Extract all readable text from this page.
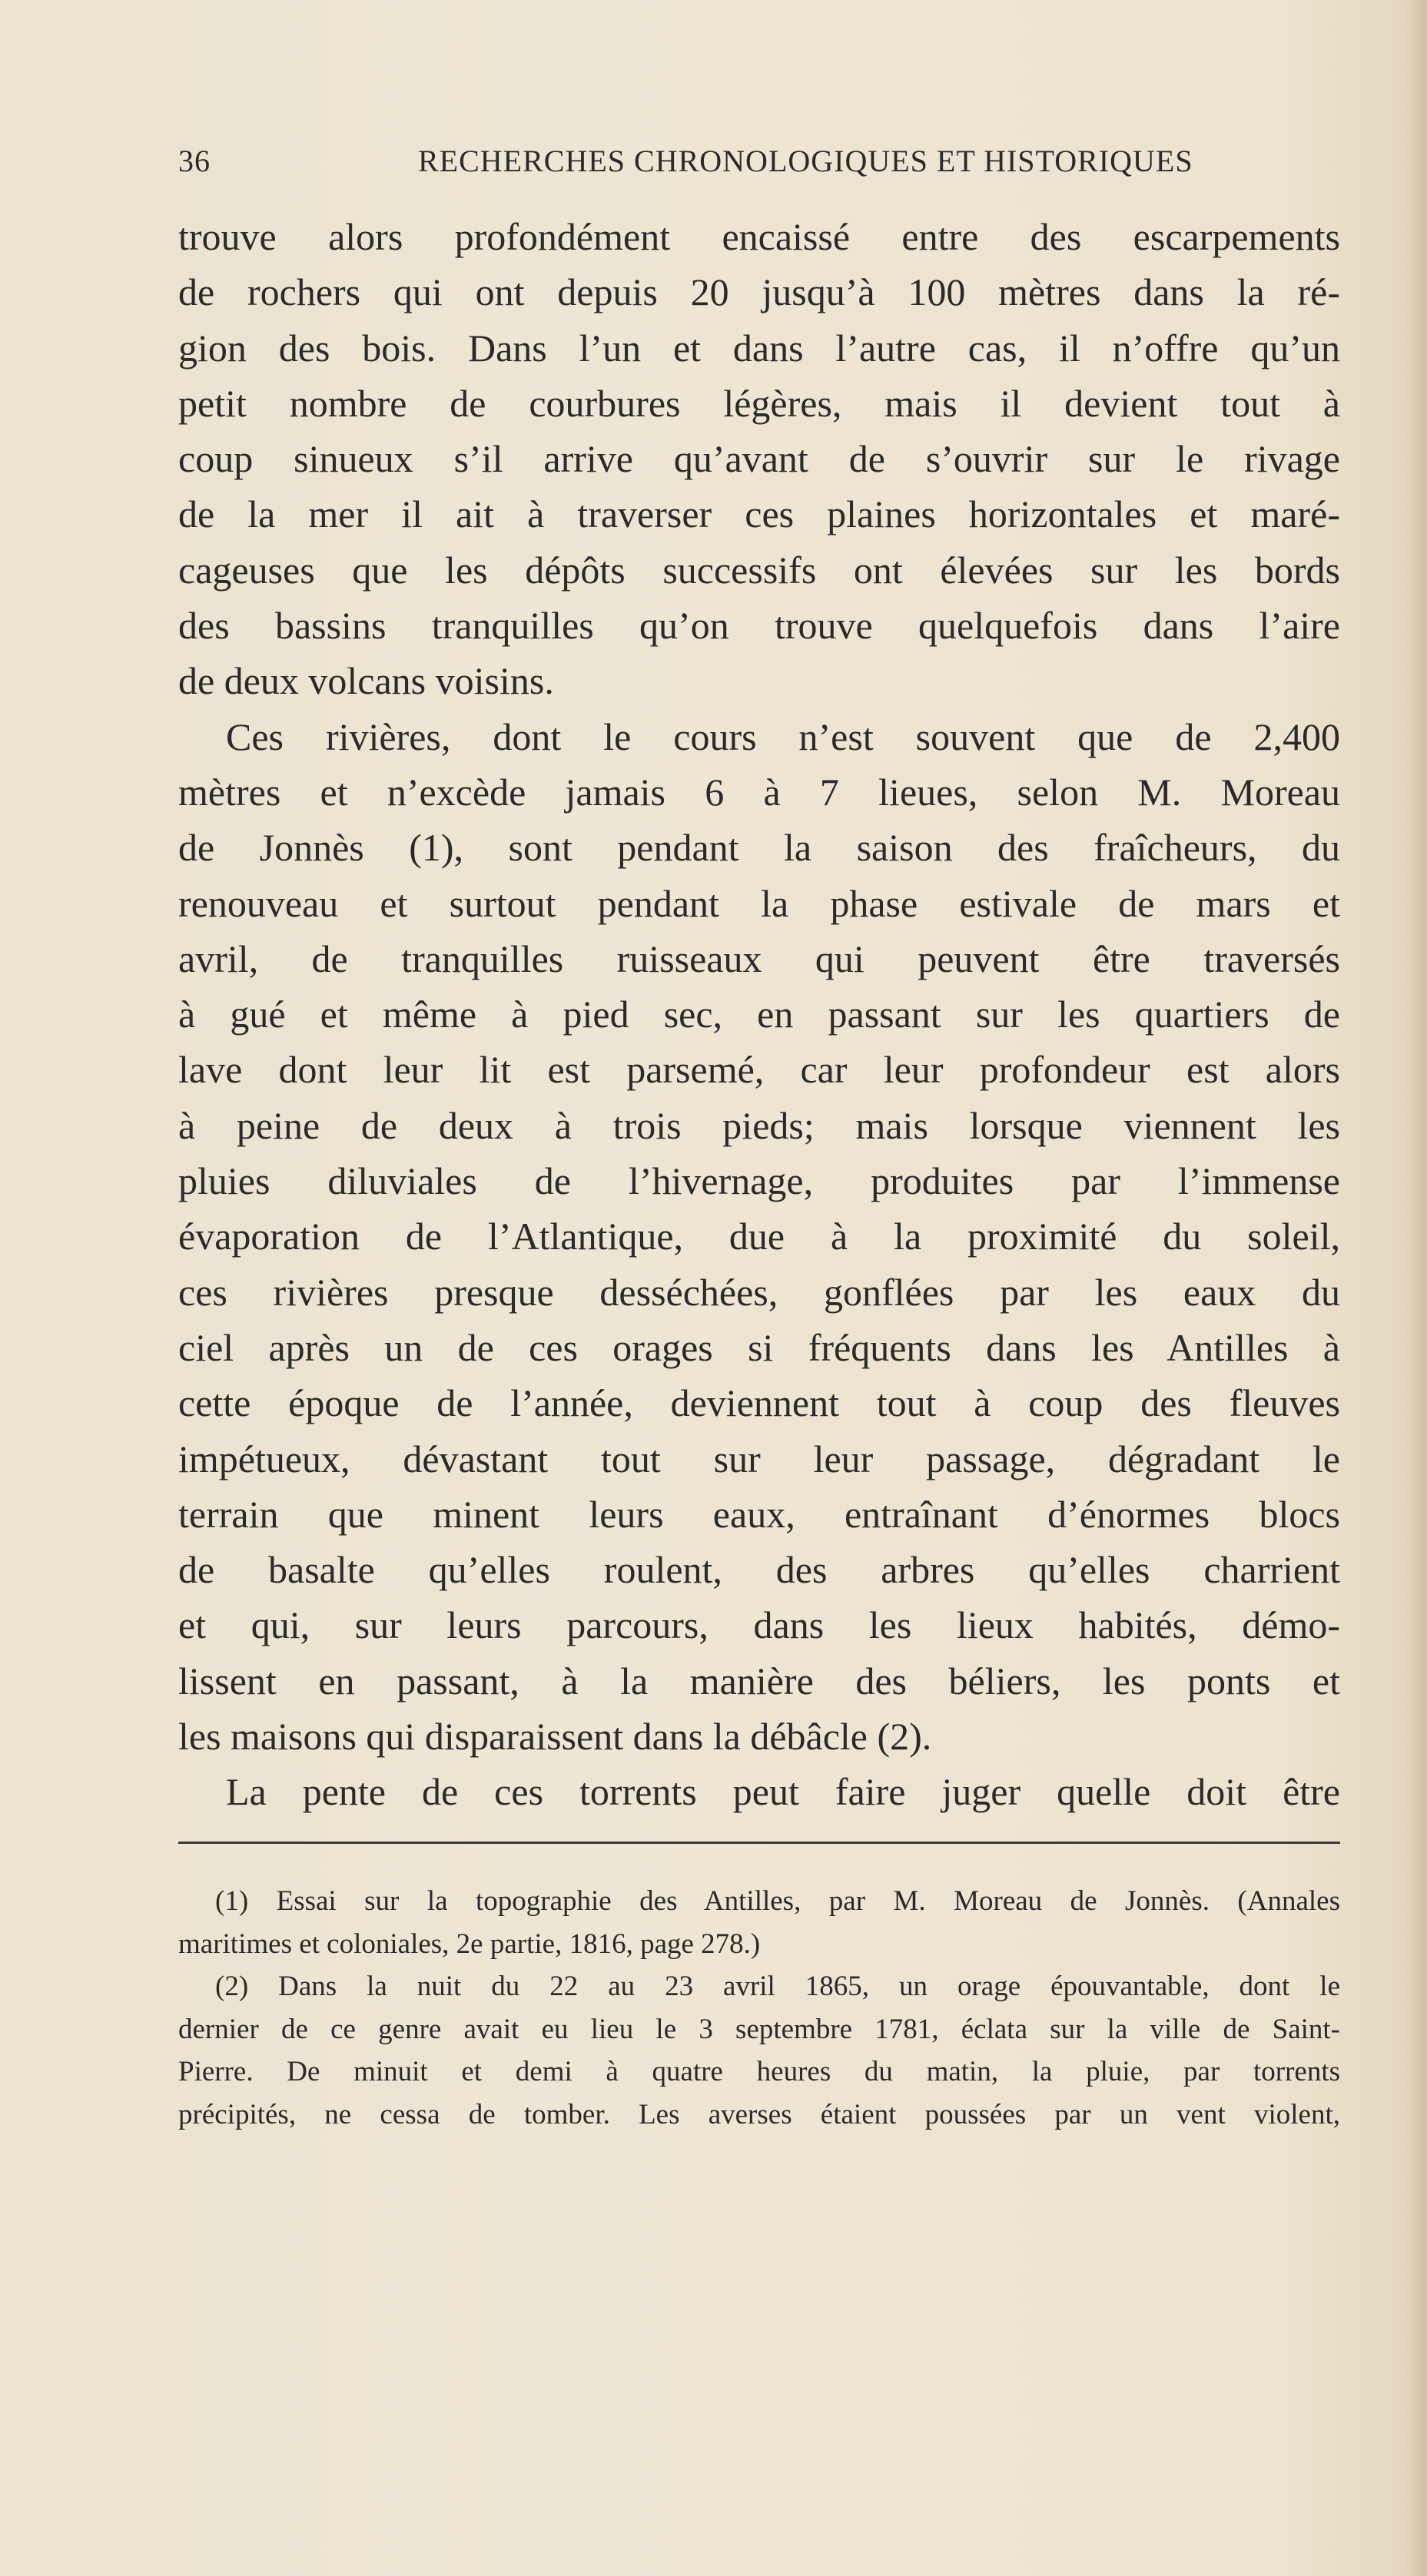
36	RECHERCHES CHRONOLOGIQUES ET HISTORIQUES
trouve alors profondément encaissé entre des escarpements
de rochers qui ont depuis 20 jusqu’à 100 mètres dans la ré-
gion des bois. Dans l’un et dans l’autre cas, il n’offre qu’un
petit nombre de courbures légères, mais il devient tout à
coup sinueux s’il arrive qu’avant de s’ouvrir sur le rivage
de la mer il ait à traverser ces plaines horizontales et maré-
cageuses que les dépôts successifs ont élevées sur les bords
des bassins tranquilles qu’on trouve quelquefois dans l’aire
de deux volcans voisins.
Ces rivières, dont le cours n’est souvent que de 2,400
mètres et n’excède jamais 6 à 7 lieues, selon M. Moreau
de Jonnès (1), sont pendant la saison des fraîcheurs, du
renouveau et surtout pendant la phase estivale de mars et
avril, de tranquilles ruisseaux qui peuvent être traversés
à gué et même à pied sec, en passant sur les quartiers de
lave dont leur lit est parsemé, car leur profondeur est alors
à peine de deux à trois pieds; mais lorsque viennent les
pluies diluviales de l’hivernage, produites par l’immense
évaporation de l’Atlantique, due à la proximité du soleil,
ces rivières presque desséchées, gonflées par les eaux du
ciel après un de ces orages si fréquents dans les Antilles à
cette époque de l’année, deviennent tout à coup des fleuves
impétueux, dévastant tout sur leur passage, dégradant le
terrain que minent leurs eaux, entraînant d’énormes blocs
de basalte qu’elles roulent, des arbres qu’elles charrient
et qui, sur leurs parcours, dans les lieux habités, démo-
lissent en passant, à la manière des béliers, les ponts et
les maisons qui disparaissent dans la débâcle (2).
La pente de ces torrents peut faire juger quelle doit être
(1) Essai sur la topographie des Antilles, par M. Moreau de Jonnès. (Annales
maritimes et coloniales, 2e partie, 1816, page 278.)
(2) Dans la nuit du 22 au 23 avril 1865, un orage épouvantable, dont le
dernier de ce genre avait eu lieu le 3 septembre 1781, éclata sur la ville de Saint-
Pierre. De minuit et demi à quatre heures du matin, la pluie, par torrents
précipités, ne cessa de tomber. Les averses étaient poussées par un vent violent,
